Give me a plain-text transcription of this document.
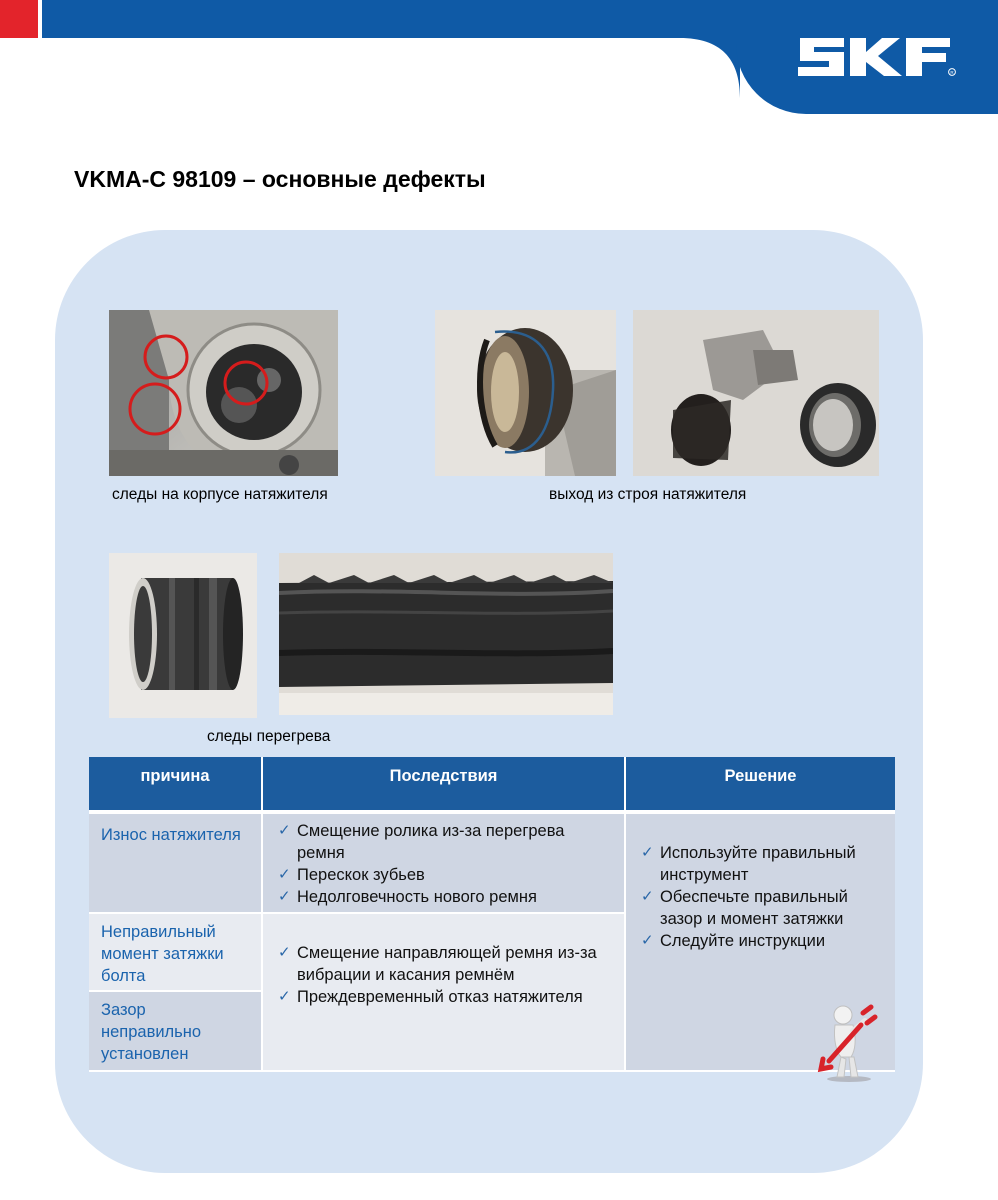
R
VKMA-C 98109 – основные дефекты
следы на корпусе натяжителя	выход из строя натяжителя
следы перегрева
причина	Последствия	Решение
Износ натяжителя
✓	Смещение ролика из-за перегрева ремня
✓ Перескок зубьев
✓ Недолговечность нового ремня
Неправильный момент затяжки болта
Зазор неправильно установлен
✓ Смещение направляющей ремня из-за вибрации и касания ремнём
✓ Преждевременный отказ натяжителя
✓ Используйте правильный инструмент
✓ Обеспечьте правильный зазор и момент затяжки
✓ Следуйте инструкции
